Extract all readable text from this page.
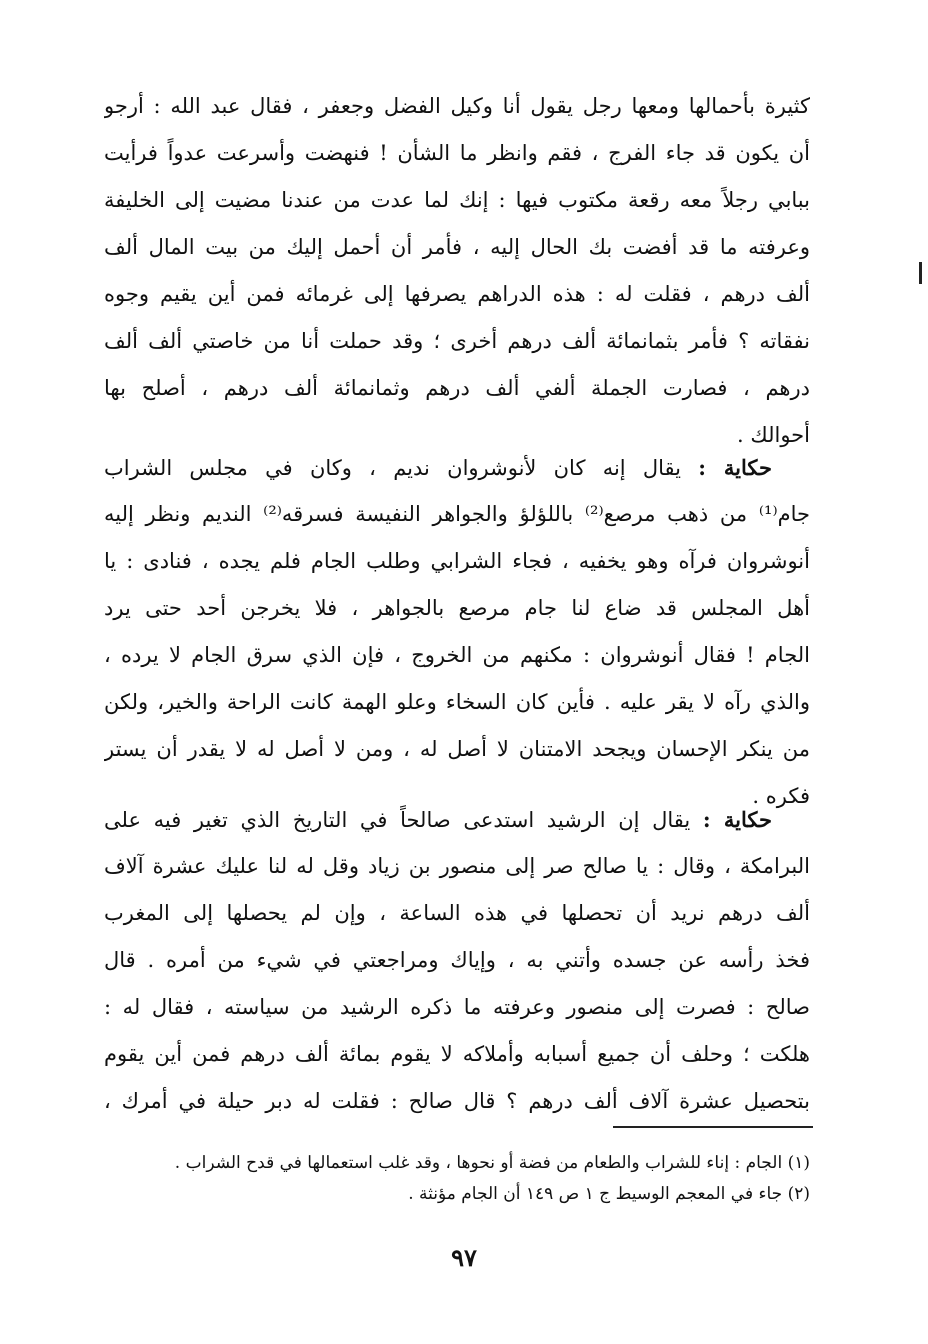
كثيرة بأحمالها ومعها رجل يقول أنا وكيل الفضل وجعفر ، فقال عبد الله : أرجو
أن يكون قد جاء الفرج ، فقم وانظر ما الشأن ! فنهضت وأسرعت عدواً فرأيت
ببابي رجلاً معه رقعة مكتوب فيها : إنك لما عدت من عندنا مضيت إلى الخليفة
وعرفته ما قد أفضت بك الحال إليه ، فأمر أن أحمل إليك من بيت المال ألف
ألف درهم ، فقلت له : هذه الدراهم يصرفها إلى غرمائه فمن أين يقيم وجوه
نفقاته ؟ فأمر بثمانمائة ألف درهم أخرى ؛ وقد حملت أنا من خاصتي ألف ألف
درهم ، فصارت الجملة ألفي ألف درهم وثمانمائة ألف درهم ، أصلح بها
أحوالك .
حكاية : يقال إنه كان لأنوشروان نديم ، وكان في مجلس الشراب
جام⁽¹⁾ من ذهب مرصع⁽²⁾ باللؤلؤ والجواهر النفيسة فسرقه⁽²⁾ النديم ونظر إليه
أنوشروان فرآه وهو يخفيه ، فجاء الشرابي وطلب الجام فلم يجده ، فنادى : يا
أهل المجلس قد ضاع لنا جام مرصع بالجواهر ، فلا يخرجن أحد حتى يرد
الجام ! فقال أنوشروان : مكنهم من الخروج ، فإن الذي سرق الجام لا يرده ،
والذي رآه لا يقر عليه . فأين كان السخاء وعلو الهمة كانت الراحة والخير، ولكن
من ينكر الإحسان ويجحد الامتنان لا أصل له ، ومن لا أصل له لا يقدر أن يستر
فكره .
حكاية : يقال إن الرشيد استدعى صالحاً في التاريخ الذي تغير فيه على
البرامكة ، وقال : يا صالح صر إلى منصور بن زياد وقل له لنا عليك عشرة آلاف
ألف درهم نريد أن تحصلها في هذه الساعة ، وإن لم يحصلها إلى المغرب
فخذ رأسه عن جسده وأتني به ، وإياك ومراجعتي في شيء من أمره . قال
صالح : فصرت إلى منصور وعرفته ما ذكره الرشيد من سياسته ، فقال له :
هلكت ؛ وحلف أن جميع أسبابه وأملاكه لا يقوم بمائة ألف درهم فمن أين يقوم
بتحصيل عشرة آلاف ألف درهم ؟ قال صالح : فقلت له دبر حيلة في أمرك ،
(١) الجام : إناء للشراب والطعام من فضة أو نحوها ، وقد غلب استعمالها في قدح الشراب .
(٢) جاء في المعجم الوسيط ج ١ ص ١٤٩ أن الجام مؤنثة .
٩٧
